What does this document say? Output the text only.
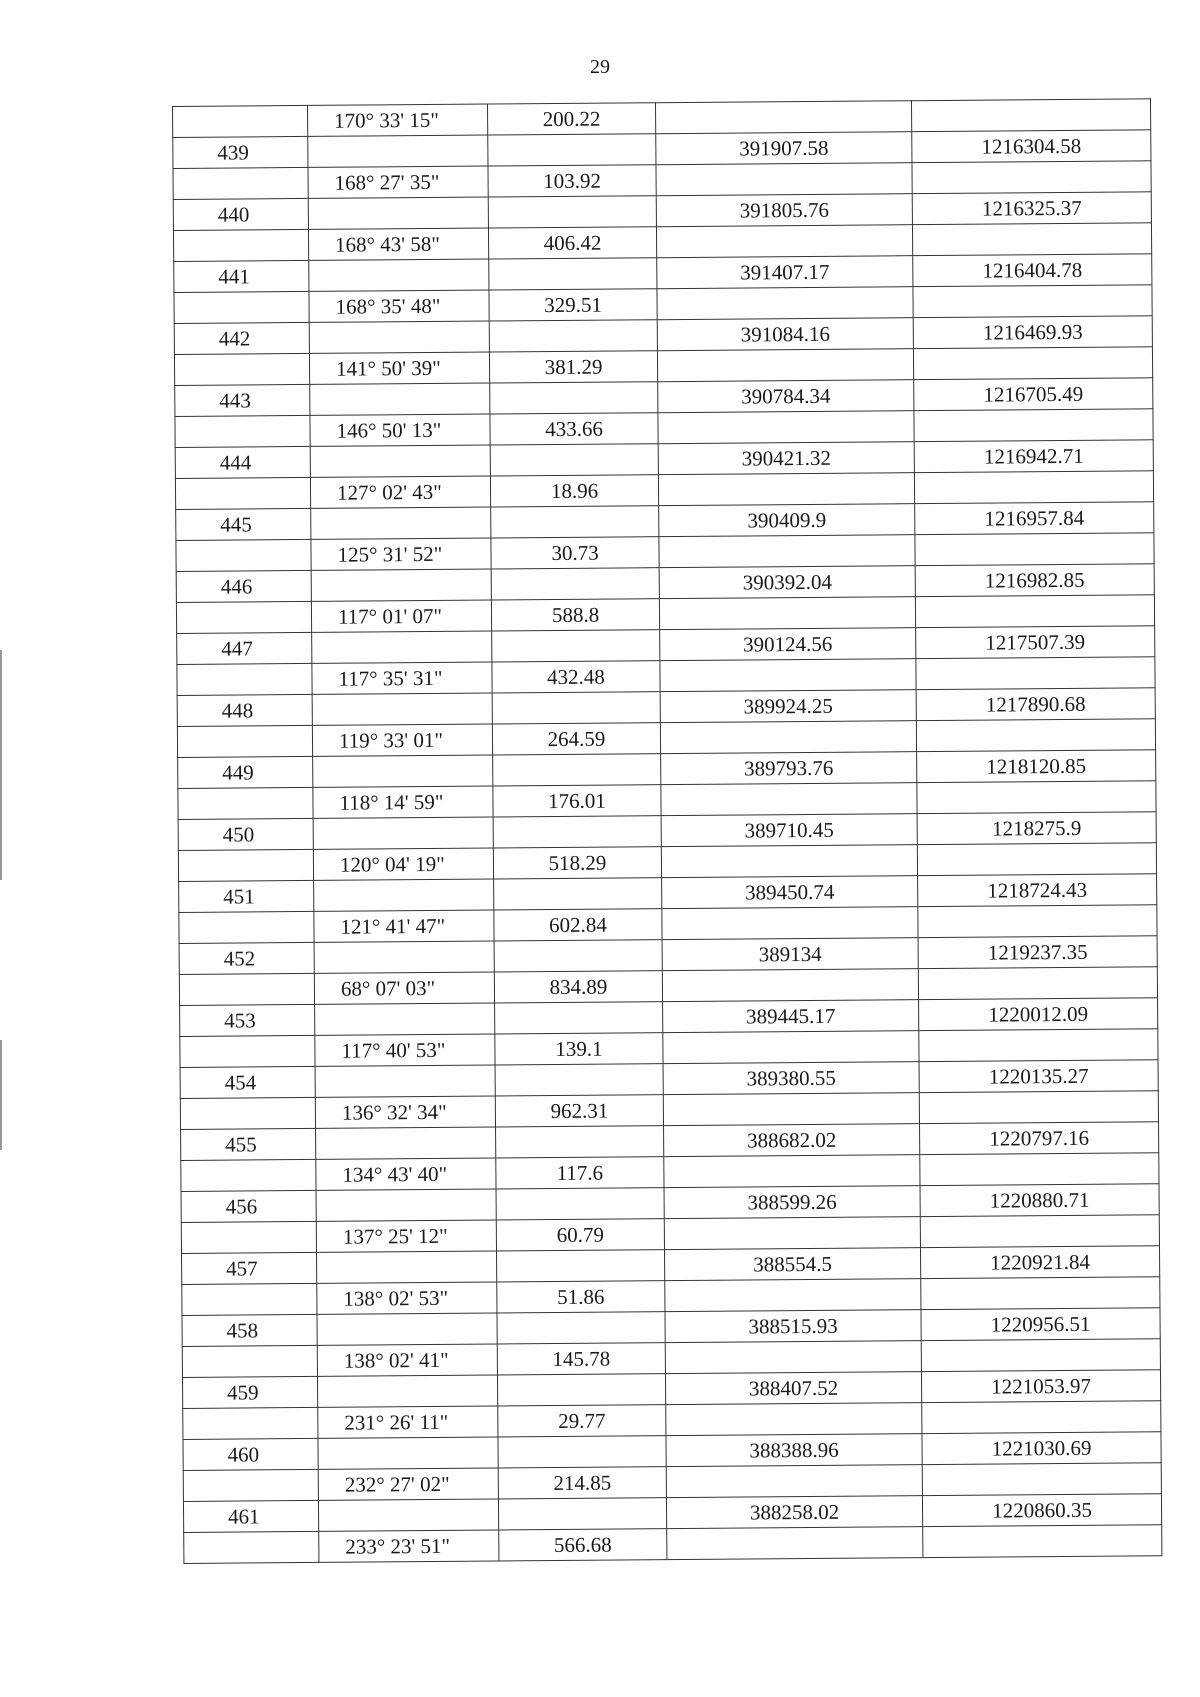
29
	170° 33' 15"	200.22		
439			391907.58	1216304.58
	168° 27' 35"	103.92		
440			391805.76	1216325.37
	168° 43' 58"	406.42		
441			391407.17	1216404.78
	168° 35' 48"	329.51		
442			391084.16	1216469.93
	141° 50' 39"	381.29		
443			390784.34	1216705.49
	146° 50' 13"	433.66		
444			390421.32	1216942.71
	127° 02' 43"	18.96		
445			390409.9	1216957.84
	125° 31' 52"	30.73		
446			390392.04	1216982.85
	117° 01' 07"	588.8		
447			390124.56	1217507.39
	117° 35' 31"	432.48		
448			389924.25	1217890.68
	119° 33' 01"	264.59		
449			389793.76	1218120.85
	118° 14' 59"	176.01		
450			389710.45	1218275.9
	120° 04' 19"	518.29		
451			389450.74	1218724.43
	121° 41' 47"	602.84		
452			389134	1219237.35
	68° 07' 03"	834.89		
453			389445.17	1220012.09
	117° 40' 53"	139.1		
454			389380.55	1220135.27
	136° 32' 34"	962.31		
455			388682.02	1220797.16
	134° 43' 40"	117.6		
456			388599.26	1220880.71
	137° 25' 12"	60.79		
457			388554.5	1220921.84
	138° 02' 53"	51.86		
458			388515.93	1220956.51
	138° 02' 41"	145.78		
459			388407.52	1221053.97
	231° 26' 11"	29.77		
460			388388.96	1221030.69
	232° 27' 02"	214.85		
461			388258.02	1220860.35
	233° 23' 51"	566.68		
